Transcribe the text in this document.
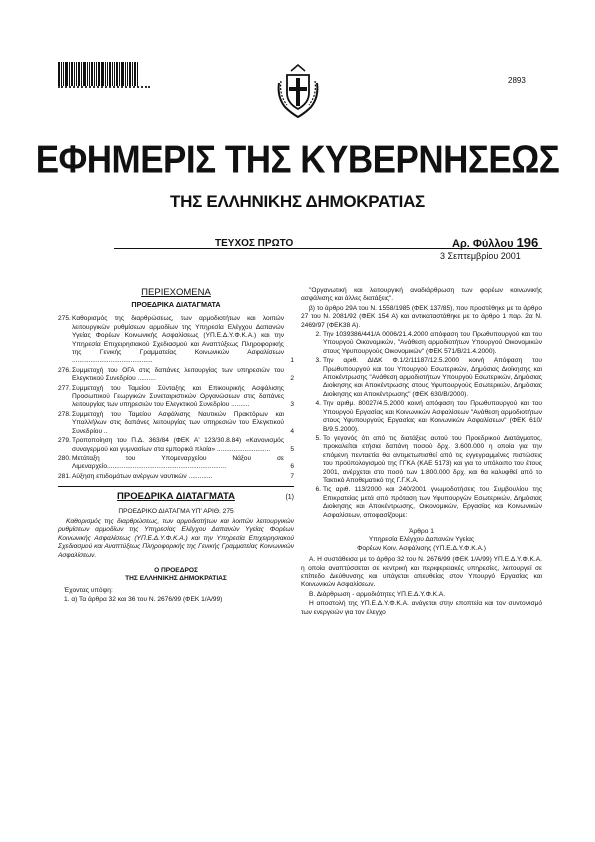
2893
ΕΦΗΜΕΡΙΣ ΤΗΣ ΚΥΒΕΡΝΗΣΕΩΣ
ΤΗΣ ΕΛΛΗΝΙΚΗΣ ΔΗΜΟΚΡΑΤΙΑΣ
ΤΕΥΧΟΣ ΠΡΩΤΟ	Αρ. Φύλλου 196
3 Σεπτεμβρίου 2001
ΠΕΡΙΕΧΟΜΕΝΑ
ΠΡΟΕΔΡΙΚΑ ΔΙΑΤΑΓΜΑΤΑ
275. Καθορισμός της διαρθρώσεως, των αρμοδιοτήτων και λοιπών λειτουργικών ρυθμίσεων αρμοδίων της Υπηρεσία Ελέγχου Δαπανών Υγείας Φορέων Κοινωνικής Ασφαλίσεως (ΥΠ.Ε.Δ.Υ.Φ.Κ.Α.) και την Υπηρεσία Επιχειρησιακού Σχεδιασμού και Αναπτύξεως Πληροφορικής της Γενικής Γραμματείας Κοινωνικών Ασφαλίσεων ............................................	1
276. Συμμετοχή του ΟΓΑ στις δαπάνες λειτουργίας των υπηρεσιών του Ελεγκτικού Συνεδρίου ..........	2
277. Συμμετοχή του Ταμείου Σύνταξης και Επικουρικής Ασφάλισης Προσωπικού Γεωργικών Συνεταιριστικών Οργανώσεων στις δαπάνες λειτουργίας των υπηρεσιών του Ελεγκτικού Συνεδρίου ..........	3
278. Συμμετοχή του Ταμείου Ασφάλισης Ναυτικών Πρακτόρων και Υπαλλήλων στις δαπάνες λειτουργίας των υπηρεσιών του Ελεγκτικού Συνεδρίου ..	4
279. Τροποποίηση του Π.Δ. 363/84 (ΦΕΚ Α' 123/30.8.84) «Κανονισμός συναγερμού και γυμνασίων στα εμπορικά πλοία» .............................	5
280. Μετάταξη του Υπομεναρχείου Νάξου σε Λιμεναρχείο.................................................................	6
281. Αύξηση επιδομάτων ανέργων ναυτικών .............	7
ΠΡΟΕΔΡΙΚΑ ΔΙΑΤΑΓΜΑΤΑ	(1)
ΠΡΟΕΔΡΙΚΟ ΔΙΑΤΑΓΜΑ ΥΠ' ΑΡΙΘ. 275
Καθορισμός της διαρθρώσεως, των αρμοδιοτήτων και λοιπών λειτουργικών ρυθμίσεων αρμοδίων της Υπηρεσίας Ελέγχου Δαπανών Υγείας Φορέων Κοινωνικής Ασφαλίσεως (ΥΠ.Ε.Δ.Υ.Φ.Κ.Α.) και την Υπηρεσία Επιχειρησιακού Σχεδιασμού και Αναπτύξεως Πληροφορικής της Γενικής Γραμματείας Κοινωνικών Ασφαλίσεων.
Ο ΠΡΟΕΔΡΟΣ
ΤΗΣ ΕΛΛΗΝΙΚΗΣ ΔΗΜΟΚΡΑΤΙΑΣ
Έχοντας υπόψη:
1. α) Τα άρθρα 32 και 36 του Ν. 2676/99 (ΦΕΚ 1/Α/99)
"Οργανωτική και λειτουργική αναδιάρθρωση των φορέων κοινωνικής ασφάλισης και άλλες διατάξεις".
β) το άρθρο 29Α του Ν. 1558/1985 (ΦΕΚ 137/85), που προστέθηκε με το άρθρο 27 του Ν. 2081/92 (ΦΕΚ 154 Α) και αντικαταστάθηκε με το άρθρο 1 παρ. 2α Ν. 2469/97 (ΦΕΚ38 Α).
2. Την 1039386/441/Α 0006/21.4.2000 απόφαση του Πρωθυπουργού και του Υπουργού Οικονομικών, "Ανάθεση αρμοδιοτήτων Υπουργού Οικονομικών στους Υφυπουργούς Οικονομικών" (ΦΕΚ 571/Β/21.4.2000).
3. Την αριθ. ΔΙΔΚ Φ.1/2/11187/12.5.2000 κοινή Απόφαση του Πρωθυπουργού και του Υπουργού Εσωτερικών, Δημόσιας Διοίκησης και Αποκέντρωσης "Ανάθεση αρμοδιοτήτων Υπουργού Εσωτερικών, Δημόσιας Διοίκησης και Αποκέντρωσης στους Υφυπουργούς Εσωτερικών, Δημόσιας Διοίκησης και Αποκέντρωσης" (ΦΕΚ 630/Β/2000).
4. Την αριθμ. 80027/4.5.2000 κοινή απόφαση του Πρωθυπουργού και του Υπουργού Εργασίας και Κοινωνικών Ασφαλίσεων "Ανάθεση αρμοδιοτήτων στους Υφυπουργούς Εργασίας και Κοινωνικών Ασφαλίσεων" (ΦΕΚ 610/Β/9.5.2000).
5. Το γεγονός ότι από τις διατάξεις αυτού του Προεδρικού Διατάγματος, προκαλείται ετήσια δαπάνη ποσού δρχ. 3.600.000 η οποία για την επόμενη πενταετία θα αντιμετωπισθεί από τις εγγεγραμμένες πιστώσεις του προϋπολογισμού της ΓΓΚΑ (ΚΑΕ 5173) και για το υπόλοιπο του έτους 2001, ανέρχεται στο ποσό των 1.800.000 δρχ. και θα καλυφθεί από το Τακτικό Αποθεματικό της Γ.Γ.Κ.Α.
6. Τις αριθ. 113/2000 και 240/2001 γνωμοδοτήσεις του Συμβουλίου της Επικρατείας μετά από πρόταση των Υφυπουργών Εσωτερικών, Δημόσιας Διοίκησης και Αποκέντρωσης, Οικονομικών, Εργασίας και Κοινωνικών Ασφαλίσεων, αποφασίζουμε:
Άρθρο 1
Υπηρεσία Ελέγχου Δαπανών Υγείας
Φορέων Κοιν. Ασφάλισης (ΥΠ.Ε.Δ.Υ.Φ.Κ.Α.)
Α. Η συστάθεισα με το άρθρο 32 του Ν. 2676/99 (ΦΕΚ 1/Α/99) ΥΠ.Ε.Δ.Υ.Φ.Κ.Α. η οποία αναπτύσσεται σε κεντρική και περιφερειακές υπηρεσίες, λειτουργεί σε επίπεδο Διεύθυνσης και υπάγεται απευθείας στον Υπουργό Εργασίας και Κοινωνικών Ασφαλίσεων.
Β. Διάρθρωση - αρμοδιότητες ΥΠ.Ε.Δ.Υ.Φ.Κ.Α.
Η αποστολή της ΥΠ.Ε.Δ.Υ.Φ.Κ.Α. ανάγεται στην εποπτεία και τον συντονισμό των ενεργειών για τον έλεγχο
